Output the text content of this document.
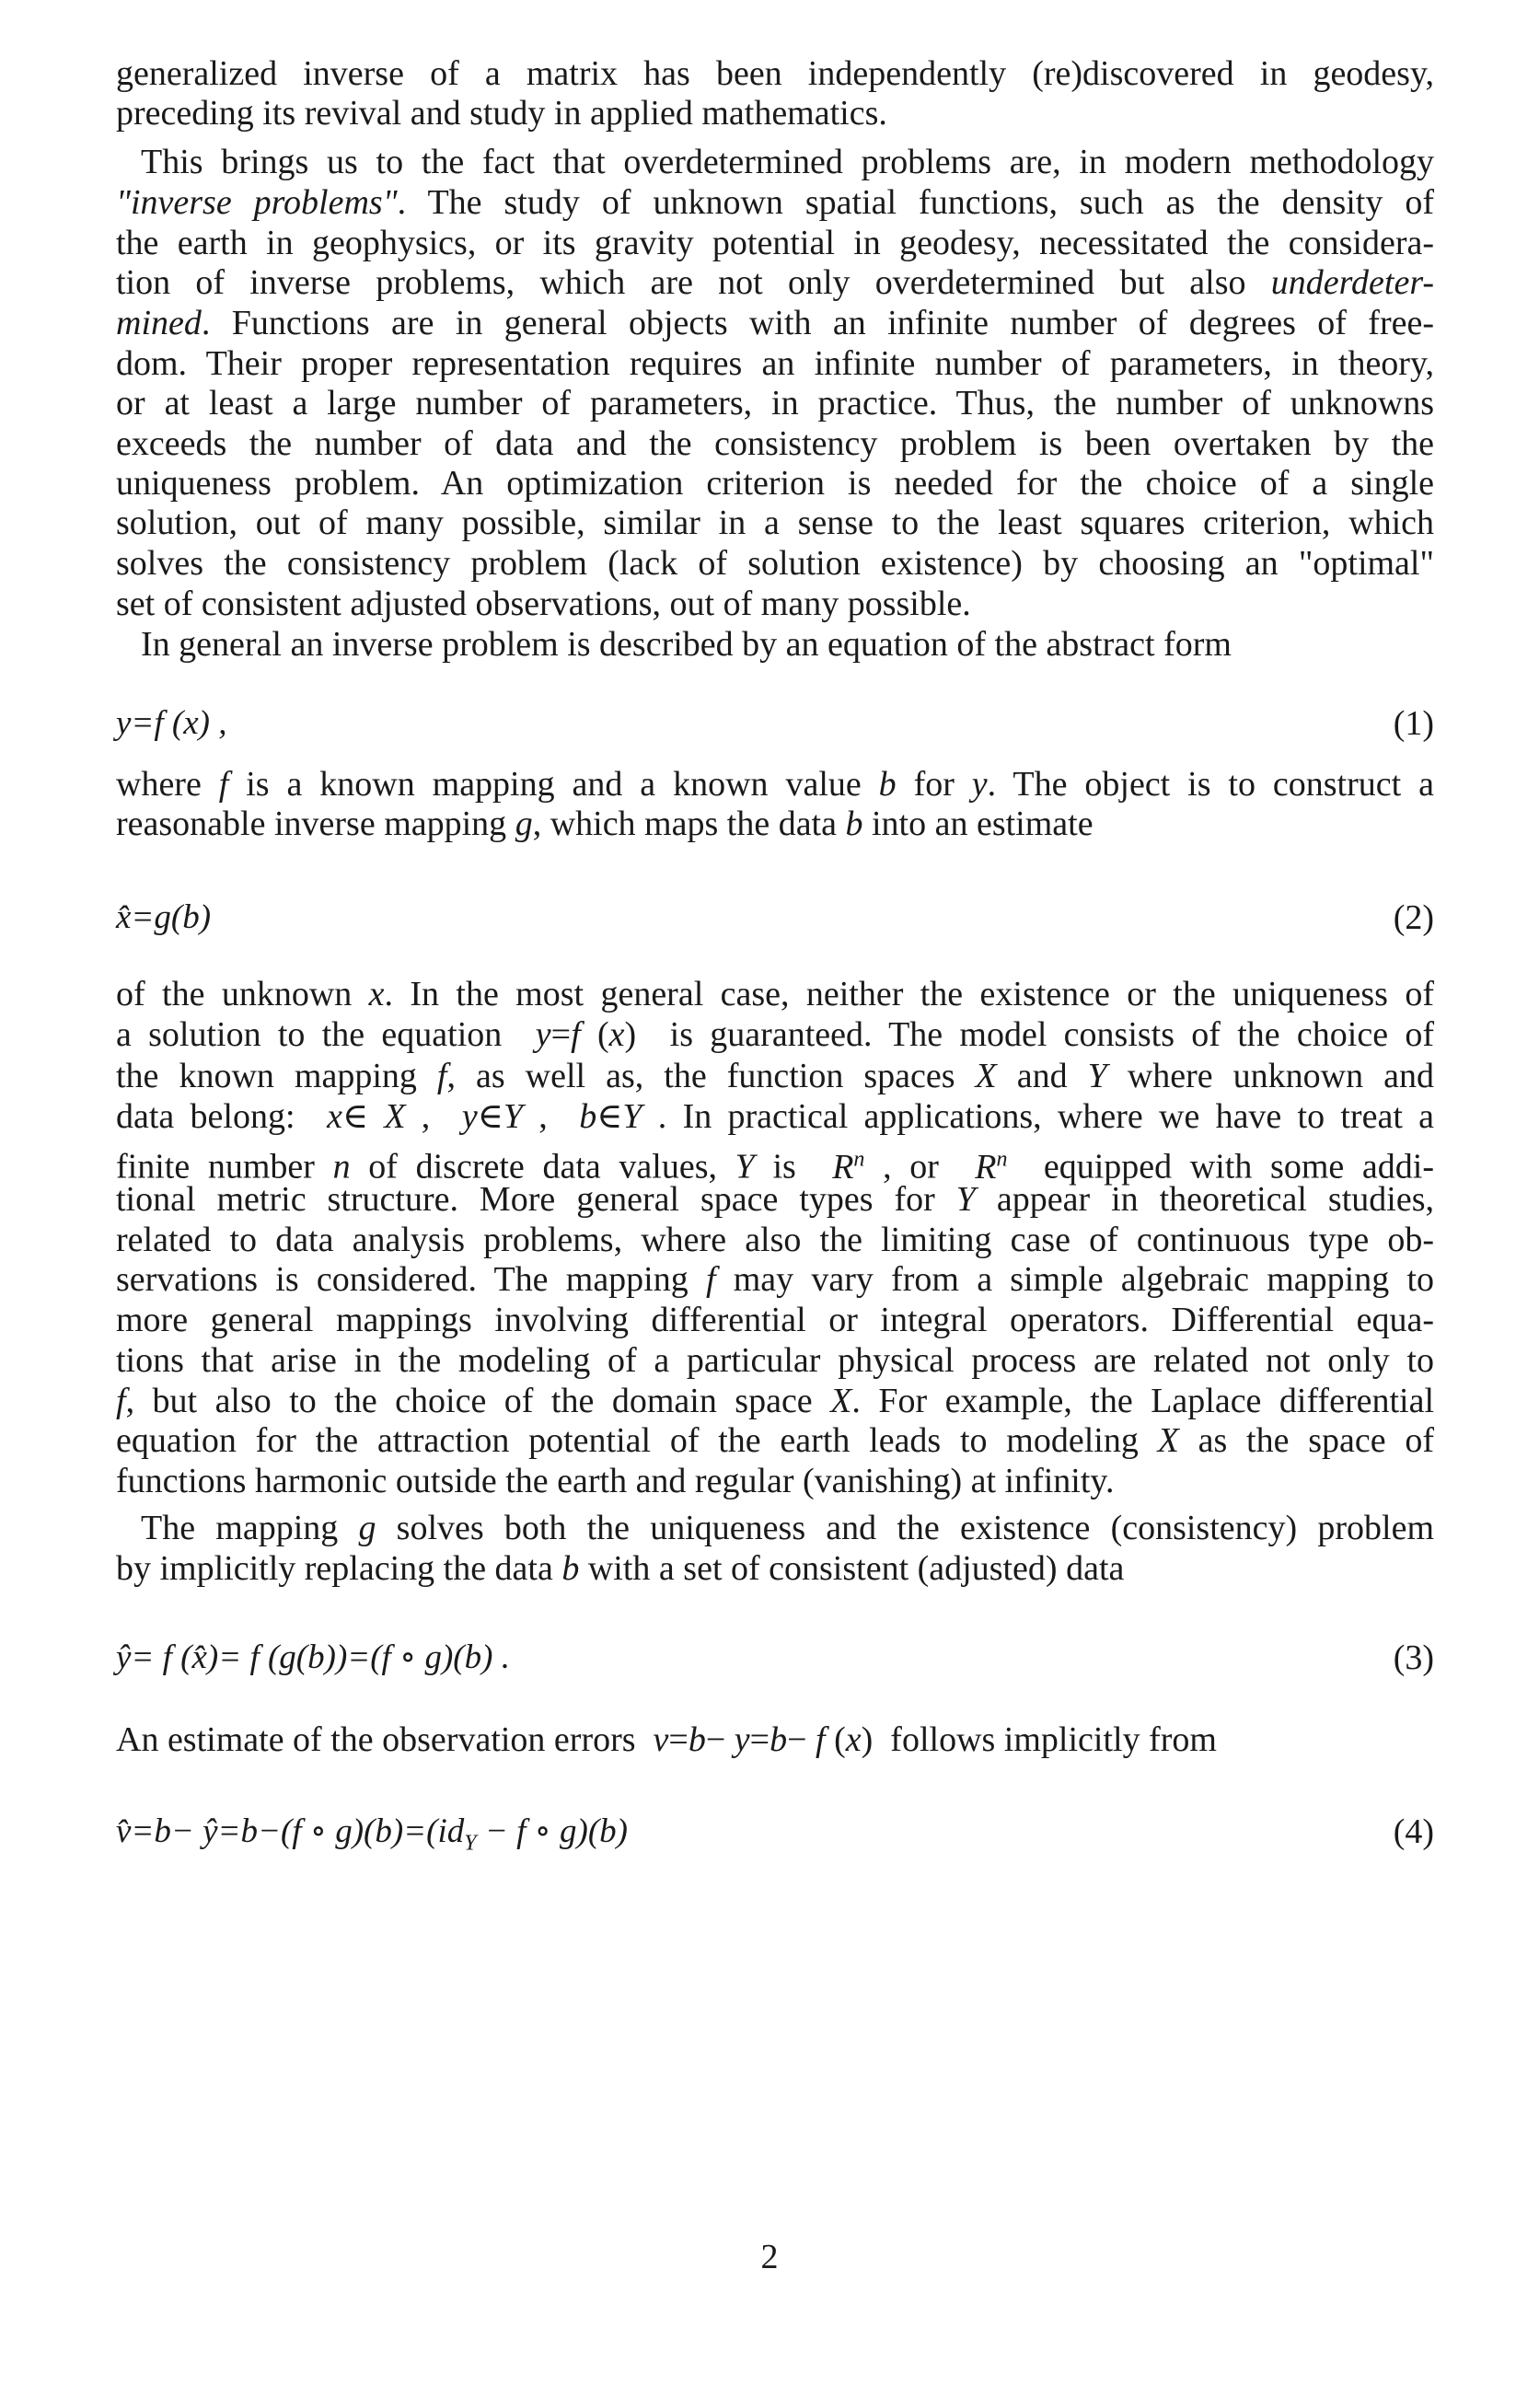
generalized inverse of a matrix has been independently (re)discovered in geodesy,
preceding its revival and study in applied mathematics.
This brings us to the fact that overdetermined problems are, in modern methodology
"inverse problems". The study of unknown spatial functions, such as the density of
the earth in geophysics, or its gravity potential in geodesy, necessitated the considera-
tion of inverse problems, which are not only overdetermined but also underdeter-
mined. Functions are in general objects with an infinite number of degrees of free-
dom. Their proper representation requires an infinite number of parameters, in theory,
or at least a large number of parameters, in practice. Thus, the number of unknowns
exceeds the number of data and the consistency problem is been overtaken by the
uniqueness problem. An optimization criterion is needed for the choice of a single
solution, out of many possible, similar in a sense to the least squares criterion, which
solves the consistency problem (lack of solution existence) by choosing an "optimal"
set of consistent adjusted observations, out of many possible.
In general an inverse problem is described by an equation of the abstract form
where f is a known mapping and a known value b for y. The object is to construct a
reasonable inverse mapping g, which maps the data b into an estimate
of the unknown x. In the most general case, neither the existence or the uniqueness of
a solution to the equation  y=f (x)  is guaranteed. The model consists of the choice of
the known mapping f, as well as, the function spaces X and Y where unknown and
data belong:  x∈ X ,  y∈Y ,  b∈Y . In practical applications, where we have to treat a
finite number n of discrete data values, Y is  $R^n$ , or  $R^n$  equipped with some addi-
tional metric structure. More general space types for Y appear in theoretical studies,
related to data analysis problems, where also the limiting case of continuous type ob-
servations is considered. The mapping f may vary from a simple algebraic mapping to
more general mappings involving differential or integral operators. Differential equa-
tions that arise in the modeling of a particular physical process are related not only to
f, but also to the choice of the domain space X. For example, the Laplace differential
equation for the attraction potential of the earth leads to modeling X as the space of
functions harmonic outside the earth and regular (vanishing) at infinity.
The mapping g solves both the uniqueness and the existence (consistency) problem
by implicitly replacing the data b with a set of consistent (adjusted) data
An estimate of the observation errors  v=b− y=b− f (x)  follows implicitly from
y=f (x) ,	(1)
x̂=g(b)	(2)
ŷ= f (x̂)= f (g(b))=(f ∘ g)(b) .	(3)
v̂=b− ŷ=b−(f ∘ $g)(b)=(id_Y - f$ ∘ g)(b)	(4)
2
